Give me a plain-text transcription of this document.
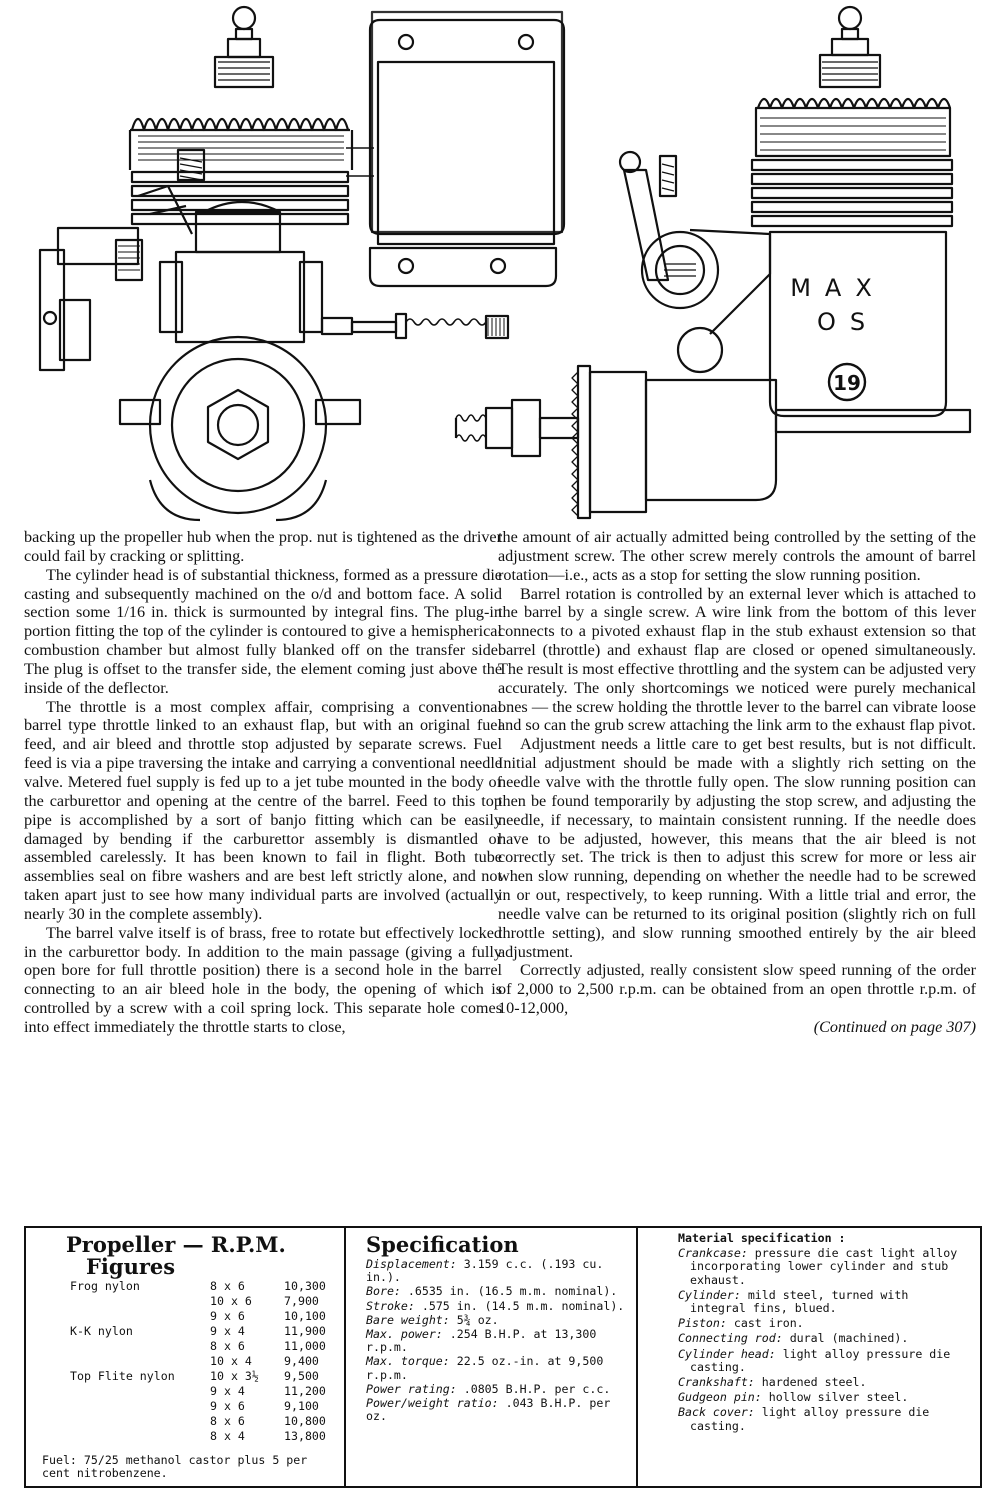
MAX
OS
19

backing up the propeller hub when the prop. nut is tightened as the driver could fail by cracking or splitting.

The cylinder head is of substantial thickness, formed as a pressure die casting and subsequently machined on the o/d and bottom face. A solid section some 1/16 in. thick is surmounted by integral fins. The plug-in portion fitting the top of the cylinder is contoured to give a hemispherical combustion chamber but almost fully blanked off on the transfer side. The plug is offset to the transfer side, the element coming just above the inside of the deflector.

The throttle is a most complex affair, comprising a conventional barrel type throttle linked to an exhaust flap, but with an original fuel feed, and air bleed and throttle stop adjusted by separate screws. Fuel feed is via a pipe traversing the intake and carrying a conventional needle valve. Metered fuel supply is fed up to a jet tube mounted in the body of the carburettor and opening at the centre of the barrel. Feed to this top pipe is accomplished by a sort of banjo fitting which can be easily damaged by bending if the carburettor assembly is dismantled or assembled carelessly. It has been known to fail in flight. Both tube assemblies seal on fibre washers and are best left strictly alone, and not taken apart just to see how many individual parts are involved (actually nearly 30 in the complete assembly).

The barrel valve itself is of brass, free to rotate but effectively locked in the carburettor body. In addition to the main passage (giving a fully open bore for full throttle position) there is a second hole in the barrel connecting to an air bleed hole in the body, the opening of which is controlled by a screw with a coil spring lock. This separate hole comes into effect immediately the throttle starts to close,

the amount of air actually admitted being controlled by the setting of the adjustment screw. The other screw merely controls the amount of barrel rotation—i.e., acts as a stop for setting the slow running position.

Barrel rotation is controlled by an external lever which is attached to the barrel by a single screw. A wire link from the bottom of this lever connects to a pivoted exhaust flap in the stub exhaust extension so that barrel (throttle) and exhaust flap are closed or opened simultaneously. The result is most effective throttling and the system can be adjusted very accurately. The only shortcomings we noticed were purely mechanical ones — the screw holding the throttle lever to the barrel can vibrate loose and so can the grub screw attaching the link arm to the exhaust flap pivot.

Adjustment needs a little care to get best results, but is not difficult. Initial adjustment should be made with a slightly rich setting on the needle valve with the throttle fully open. The slow running position can then be found temporarily by adjusting the stop screw, and adjusting the needle, if necessary, to maintain consistent running. If the needle does have to be adjusted, however, this means that the air bleed is not correctly set. The trick is then to adjust this screw for more or less air when slow running, depending on whether the needle had to be screwed in or out, respectively, to keep running. With a little trial and error, the needle valve can be returned to its original position (slightly rich on full throttle setting), and slow running smoothed entirely by the air bleed adjustment.

Correctly adjusted, really consistent slow speed running of the order of 2,000 to 2,500 r.p.m. can be obtained from an open throttle r.p.m. of 10-12,000,

(Continued on page 307)
Propeller — R.P.M.
Figures
Frog nylon	8 x 6	10,300
10 x 6	7,900
9 x 6	10,100
K-K nylon	9 x 4	11,900
8 x 6	11,000
10 x 4	9,400
Top Flite nylon	10 x 3½ 9,500
9 x 4	11,200
9 x 6	9,100
8 x 6	10,800
8 x 4	13,800
Fuel: 75/25 methanol castor plus 5 per cent nitrobenzene.
Specification
Displacement: 3.159 c.c. (.193 cu. in.).
Bore: .6535 in. (16.5 m.m. nominal).
Stroke: .575 in. (14.5 m.m. nominal).
Bare weight: 5¾ oz.
Max. power: .254 B.H.P. at 13,300 r.p.m.
Max. torque: 22.5 oz.-in. at 9,500 r.p.m.
Power rating: .0805 B.H.P. per c.c.
Power/weight ratio: .043 B.H.P. per oz.
Material specification :
Crankcase: pressure die cast light alloy incorporating lower cylinder and stub exhaust.
Cylinder: mild steel, turned with integral fins, blued.
Piston: cast iron.
Connecting rod: dural (machined).
Cylinder head: light alloy pressure die casting.
Crankshaft: hardened steel.
Gudgeon pin: hollow silver steel.
Back cover: light alloy pressure die casting.
